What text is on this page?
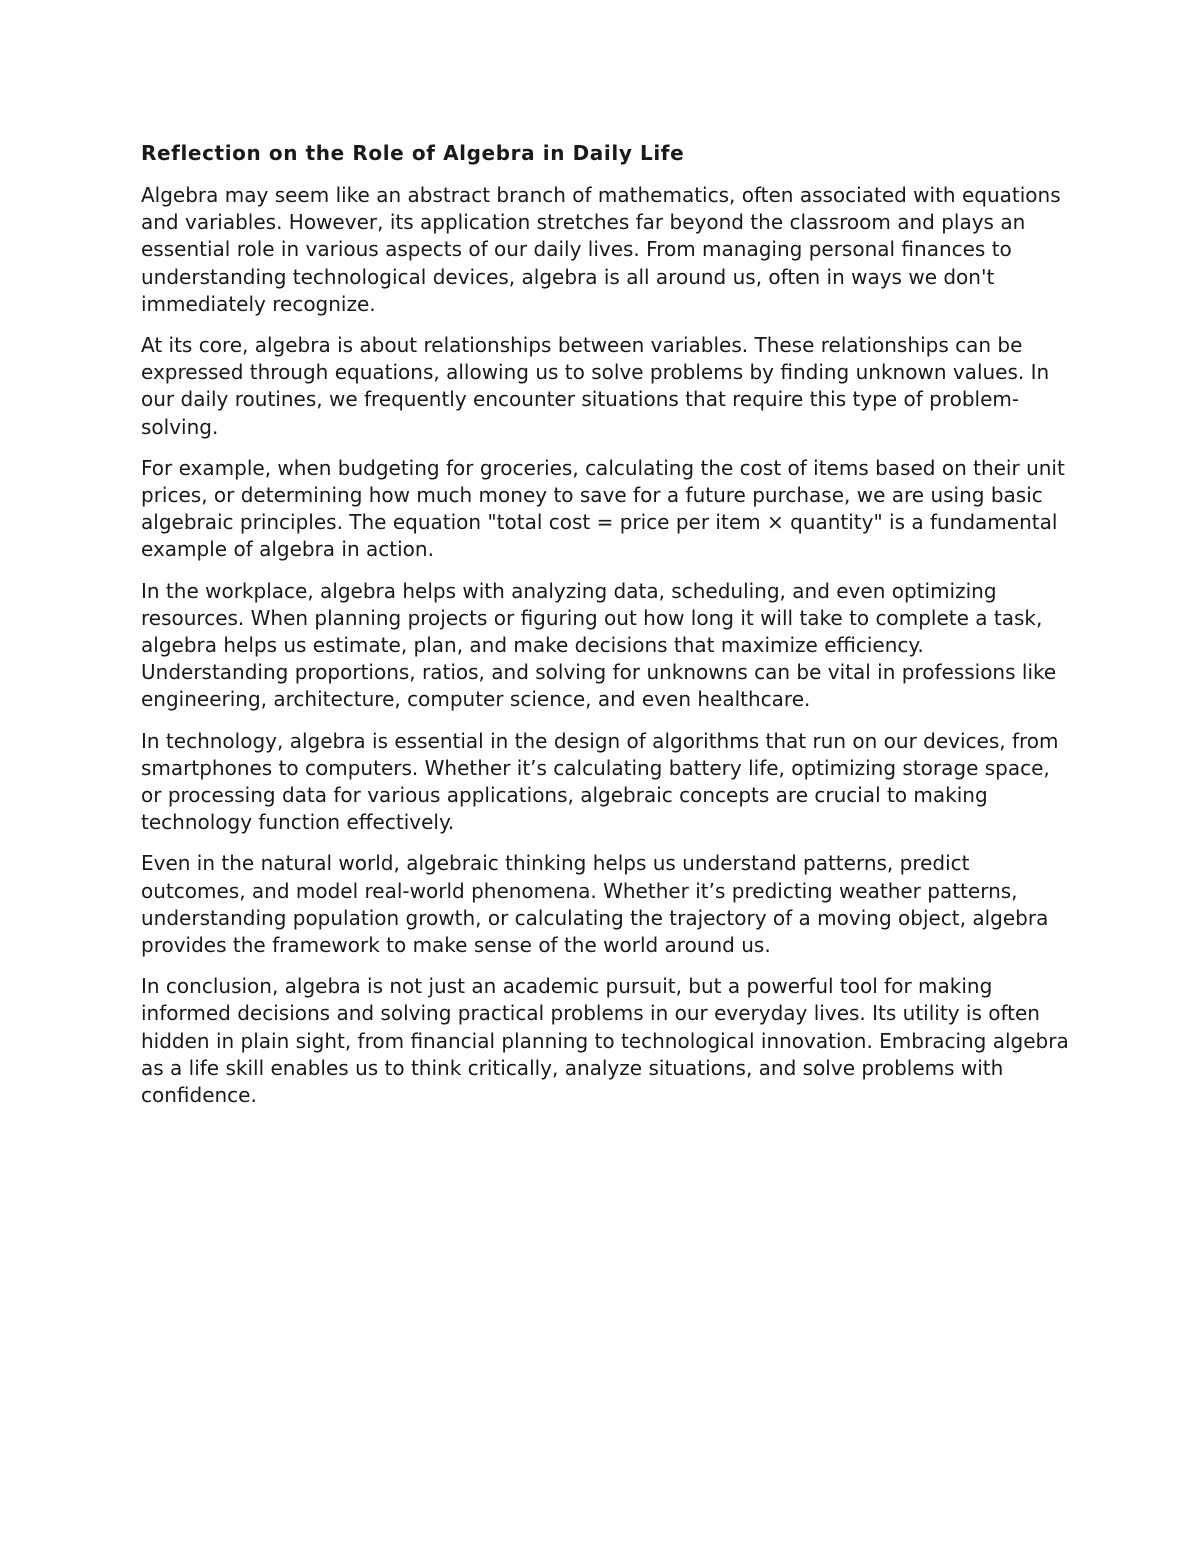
Reflection on the Role of Algebra in Daily Life

Algebra may seem like an abstract branch of mathematics, often associated with equations and variables. However, its application stretches far beyond the classroom and plays an essential role in various aspects of our daily lives. From managing personal finances to understanding technological devices, algebra is all around us, often in ways we don't immediately recognize.

At its core, algebra is about relationships between variables. These relationships can be expressed through equations, allowing us to solve problems by finding unknown values. In our daily routines, we frequently encounter situations that require this type of problem-solving.

For example, when budgeting for groceries, calculating the cost of items based on their unit prices, or determining how much money to save for a future purchase, we are using basic algebraic principles. The equation "total cost = price per item × quantity" is a fundamental example of algebra in action.

In the workplace, algebra helps with analyzing data, scheduling, and even optimizing resources. When planning projects or figuring out how long it will take to complete a task, algebra helps us estimate, plan, and make decisions that maximize efficiency. Understanding proportions, ratios, and solving for unknowns can be vital in professions like engineering, architecture, computer science, and even healthcare.

In technology, algebra is essential in the design of algorithms that run on our devices, from smartphones to computers. Whether it’s calculating battery life, optimizing storage space, or processing data for various applications, algebraic concepts are crucial to making technology function effectively.

Even in the natural world, algebraic thinking helps us understand patterns, predict outcomes, and model real-world phenomena. Whether it’s predicting weather patterns, understanding population growth, or calculating the trajectory of a moving object, algebra provides the framework to make sense of the world around us.

In conclusion, algebra is not just an academic pursuit, but a powerful tool for making informed decisions and solving practical problems in our everyday lives. Its utility is often hidden in plain sight, from financial planning to technological innovation. Embracing algebra as a life skill enables us to think critically, analyze situations, and solve problems with confidence.
